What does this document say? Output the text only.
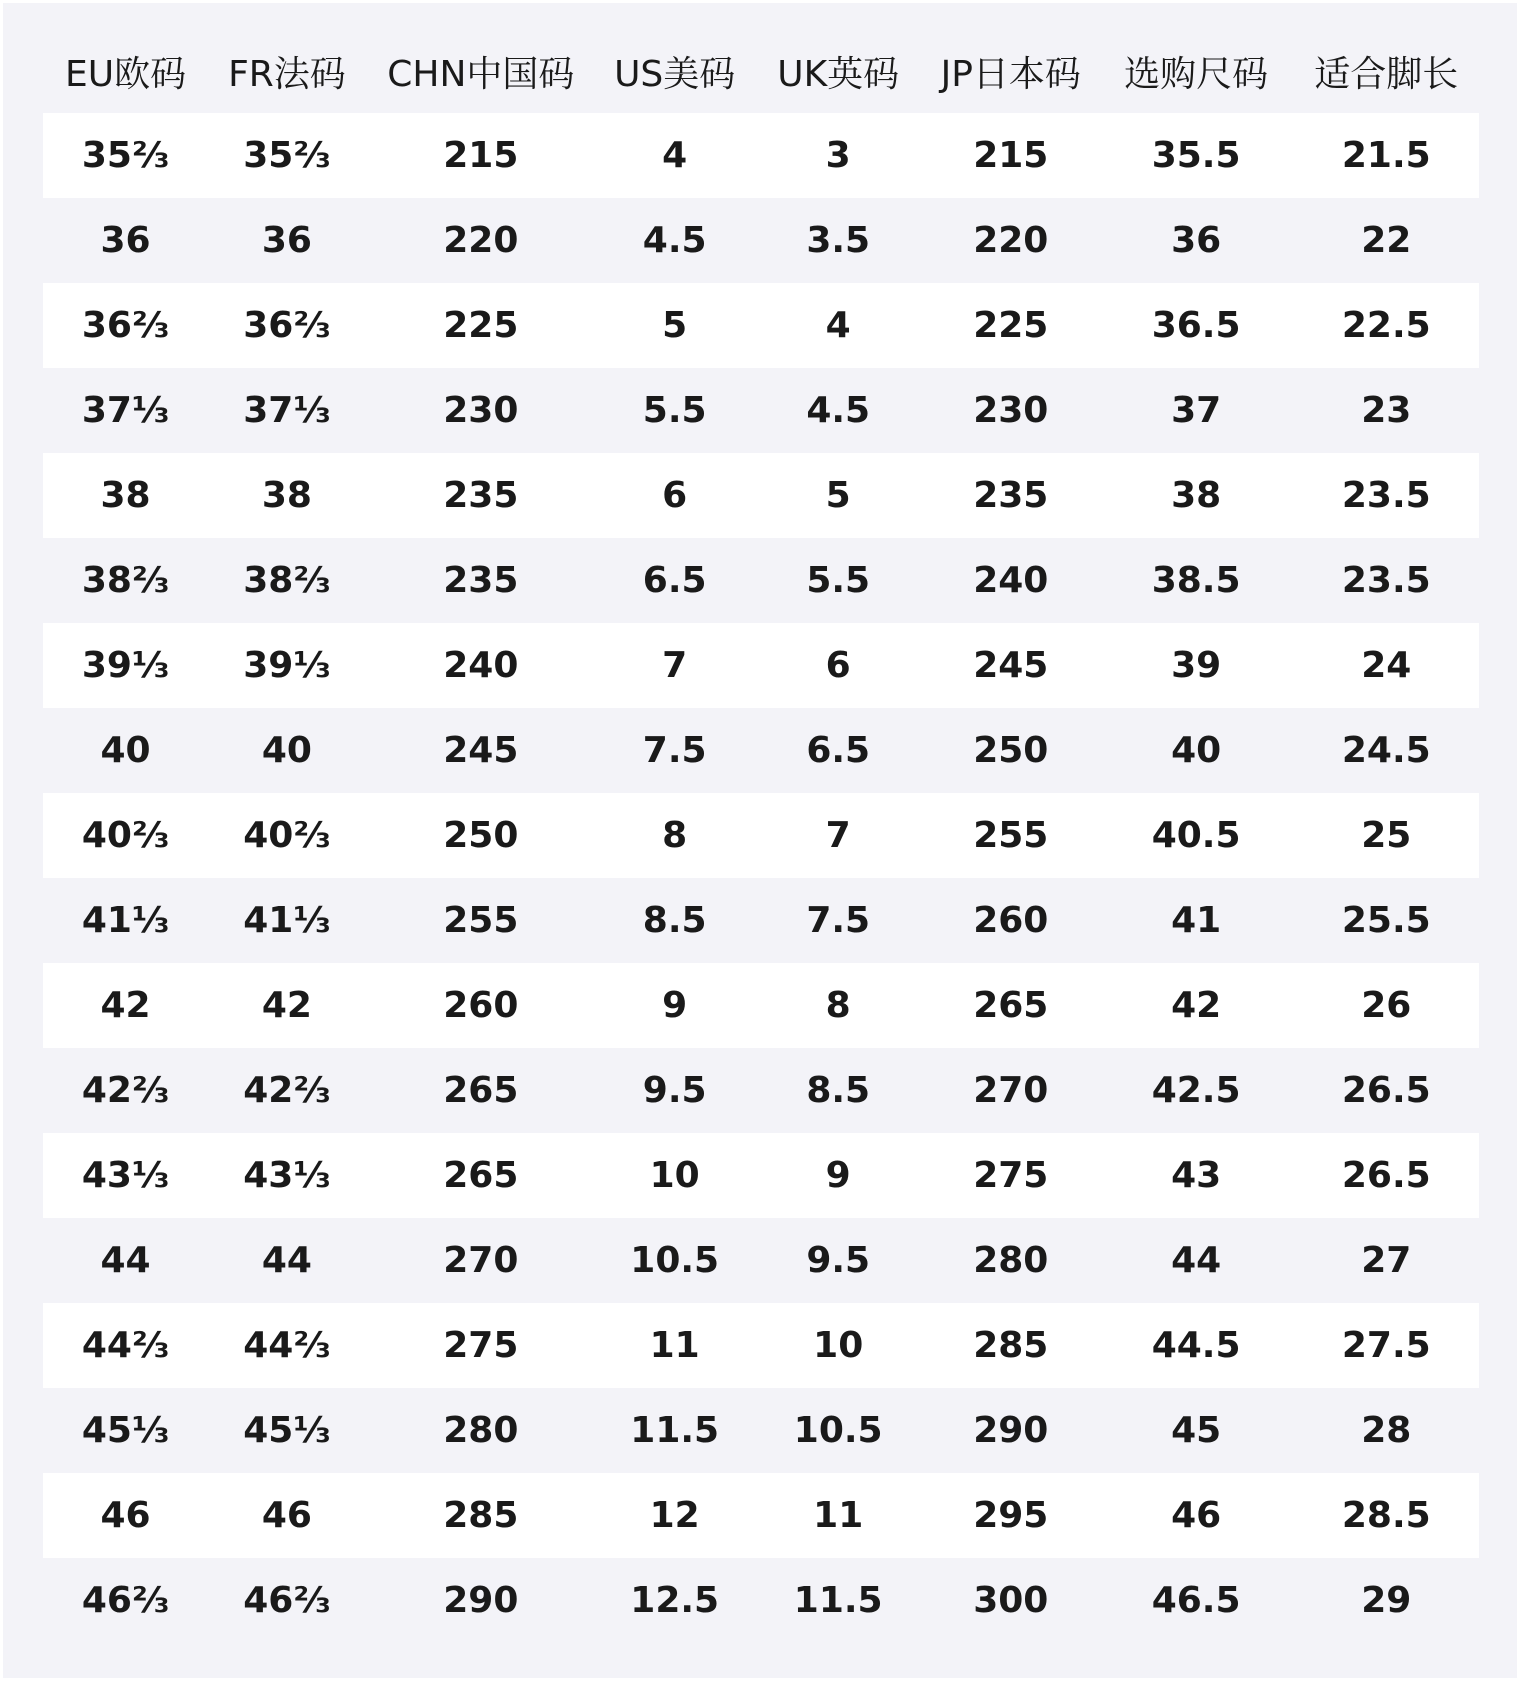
EU欧码	FR法码	CHN中国码	US美码	UK英码	JP日本码	选购尺码	适合脚长
35⅔	35⅔	215	4	3	215	35.5	21.5
36	36	220	4.5	3.5	220	36	22
36⅔	36⅔	225	5	4	225	36.5	22.5
37⅓	37⅓	230	5.5	4.5	230	37	23
38	38	235	6	5	235	38	23.5
38⅔	38⅔	235	6.5	5.5	240	38.5	23.5
39⅓	39⅓	240	7	6	245	39	24
40	40	245	7.5	6.5	250	40	24.5
40⅔	40⅔	250	8	7	255	40.5	25
41⅓	41⅓	255	8.5	7.5	260	41	25.5
42	42	260	9	8	265	42	26
42⅔	42⅔	265	9.5	8.5	270	42.5	26.5
43⅓	43⅓	265	10	9	275	43	26.5
44	44	270	10.5	9.5	280	44	27
44⅔	44⅔	275	11	10	285	44.5	27.5
45⅓	45⅓	280	11.5	10.5	290	45	28
46	46	285	12	11	295	46	28.5
46⅔	46⅔	290	12.5	11.5	300	46.5	29
